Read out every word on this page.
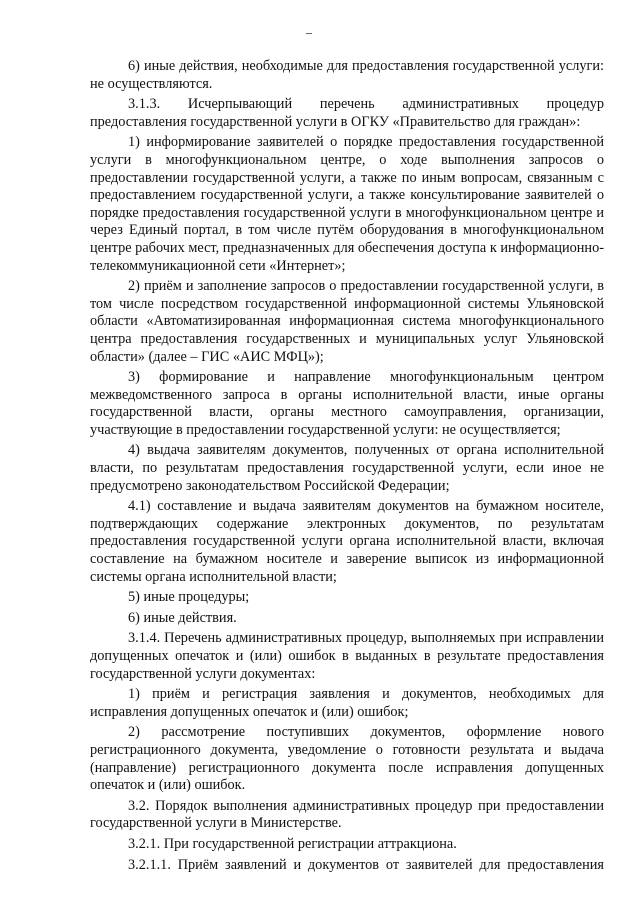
6) иные действия, необходимые для предоставления государственной услуги: не осуществляются.

3.1.3. Исчерпывающий перечень административных процедур предоставления государственной услуги в ОГКУ «Правительство для граждан»:

1) информирование заявителей о порядке предоставления государственной услуги в многофункциональном центре, о ходе выполнения запросов о предоставлении государственной услуги, а также по иным вопросам, связанным с предоставлением государственной услуги, а также консультирование заявителей о порядке предоставления государственной услуги в многофункциональном центре и через Единый портал, в том числе путём оборудования в многофункциональном центре рабочих мест, предназначенных для обеспечения доступа к информационно-телекоммуникационной сети «Интернет»;

2) приём и заполнение запросов о предоставлении государственной услуги, в том числе посредством государственной информационной системы Ульяновской области «Автоматизированная информационная система многофункционального центра предоставления государственных и муниципальных услуг Ульяновской области» (далее – ГИС «АИС МФЦ»);

3) формирование и направление многофункциональным центром межведомственного запроса в органы исполнительной власти, иные органы государственной власти, органы местного самоуправления, организации, участвующие в предоставлении государственной услуги: не осуществляется;

4) выдача заявителям документов, полученных от органа исполнительной власти, по результатам предоставления государственной услуги, если иное не предусмотрено законодательством Российской Федерации;

4.1) составление и выдача заявителям документов на бумажном носителе, подтверждающих содержание электронных документов, по результатам предоставления государственной услуги органа исполнительной власти, включая составление на бумажном носителе и заверение выписок из информационной системы органа исполнительной власти;

5) иные процедуры;

6) иные действия.

3.1.4. Перечень административных процедур, выполняемых при исправлении допущенных опечаток и (или) ошибок в выданных в результате предоставления государственной услуги документах:

1) приём и регистрация заявления и документов, необходимых для исправления допущенных опечаток и (или) ошибок;

2) рассмотрение поступивших документов, оформление нового регистрационного документа, уведомление о готовности результата и выдача (направление) регистрационного документа после исправления допущенных опечаток и (или) ошибок.

3.2. Порядок выполнения административных процедур при предоставлении государственной услуги в Министерстве.

3.2.1. При государственной регистрации аттракциона.

3.2.1.1. Приём заявлений и документов от заявителей для предоставления
